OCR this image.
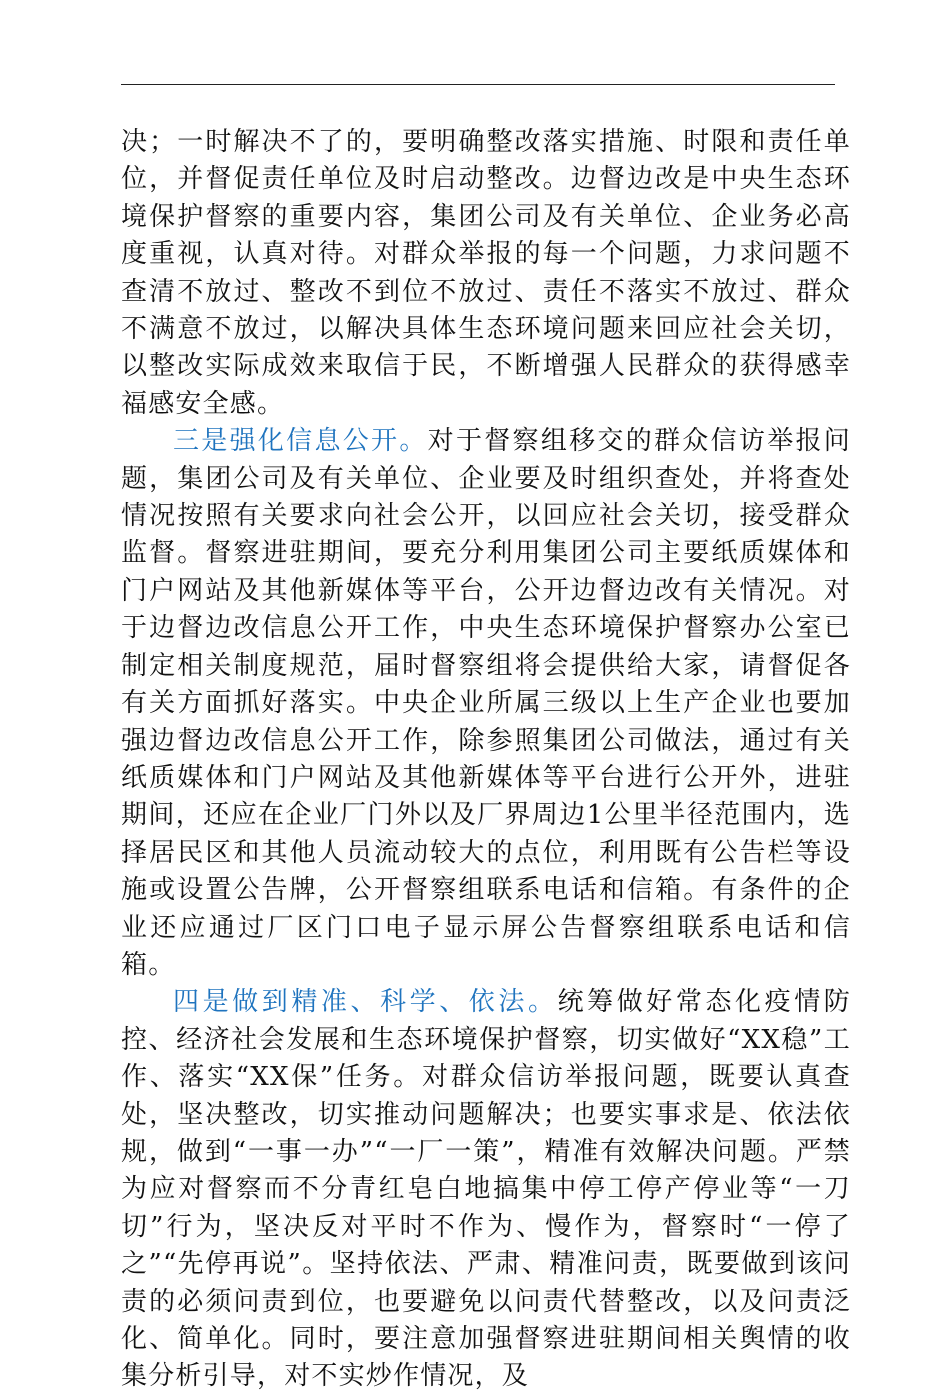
决；一时解决不了的，要明确整改落实措施、时限和责任单位，并督促责任单位及时启动整改。边督边改是中央生态环境保护督察的重要内容，集团公司及有关单位、企业务必高度重视，认真对待。对群众举报的每一个问题，力求问题不查清不放过、整改不到位不放过、责任不落实不放过、群众不满意不放过，以解决具体生态环境问题来回应社会关切，以整改实际成效来取信于民，不断增强人民群众的获得感幸福感安全感。

三是强化信息公开。对于督察组移交的群众信访举报问题，集团公司及有关单位、企业要及时组织查处，并将查处情况按照有关要求向社会公开，以回应社会关切，接受群众监督。督察进驻期间，要充分利用集团公司主要纸质媒体和门户网站及其他新媒体等平台，公开边督边改有关情况。对于边督边改信息公开工作，中央生态环境保护督察办公室已制定相关制度规范，届时督察组将会提供给大家，请督促各有关方面抓好落实。中央企业所属三级以上生产企业也要加强边督边改信息公开工作，除参照集团公司做法，通过有关纸质媒体和门户网站及其他新媒体等平台进行公开外，进驻期间，还应在企业厂门外以及厂界周边1公里半径范围内，选择居民区和其他人员流动较大的点位，利用既有公告栏等设施或设置公告牌，公开督察组联系电话和信箱。有条件的企业还应通过厂区门口电子显示屏公告督察组联系电话和信箱。

四是做到精准、科学、依法。统筹做好常态化疫情防控、经济社会发展和生态环境保护督察，切实做好“XX稳”工作、落实“XX保”任务。对群众信访举报问题，既要认真查处，坚决整改，切实推动问题解决；也要实事求是、依法依规，做到“一事一办”“一厂一策”，精准有效解决问题。严禁为应对督察而不分青红皂白地搞集中停工停产停业等“一刀切”行为，坚决反对平时不作为、慢作为，督察时“一停了之”“先停再说”。坚持依法、严肃、精准问责，既要做到该问责的必须问责到位，也要避免以问责代替整改，以及问责泛化、简单化。同时，要注意加强督察进驻期间相关舆情的收集分析引导，对不实炒作情况，及
